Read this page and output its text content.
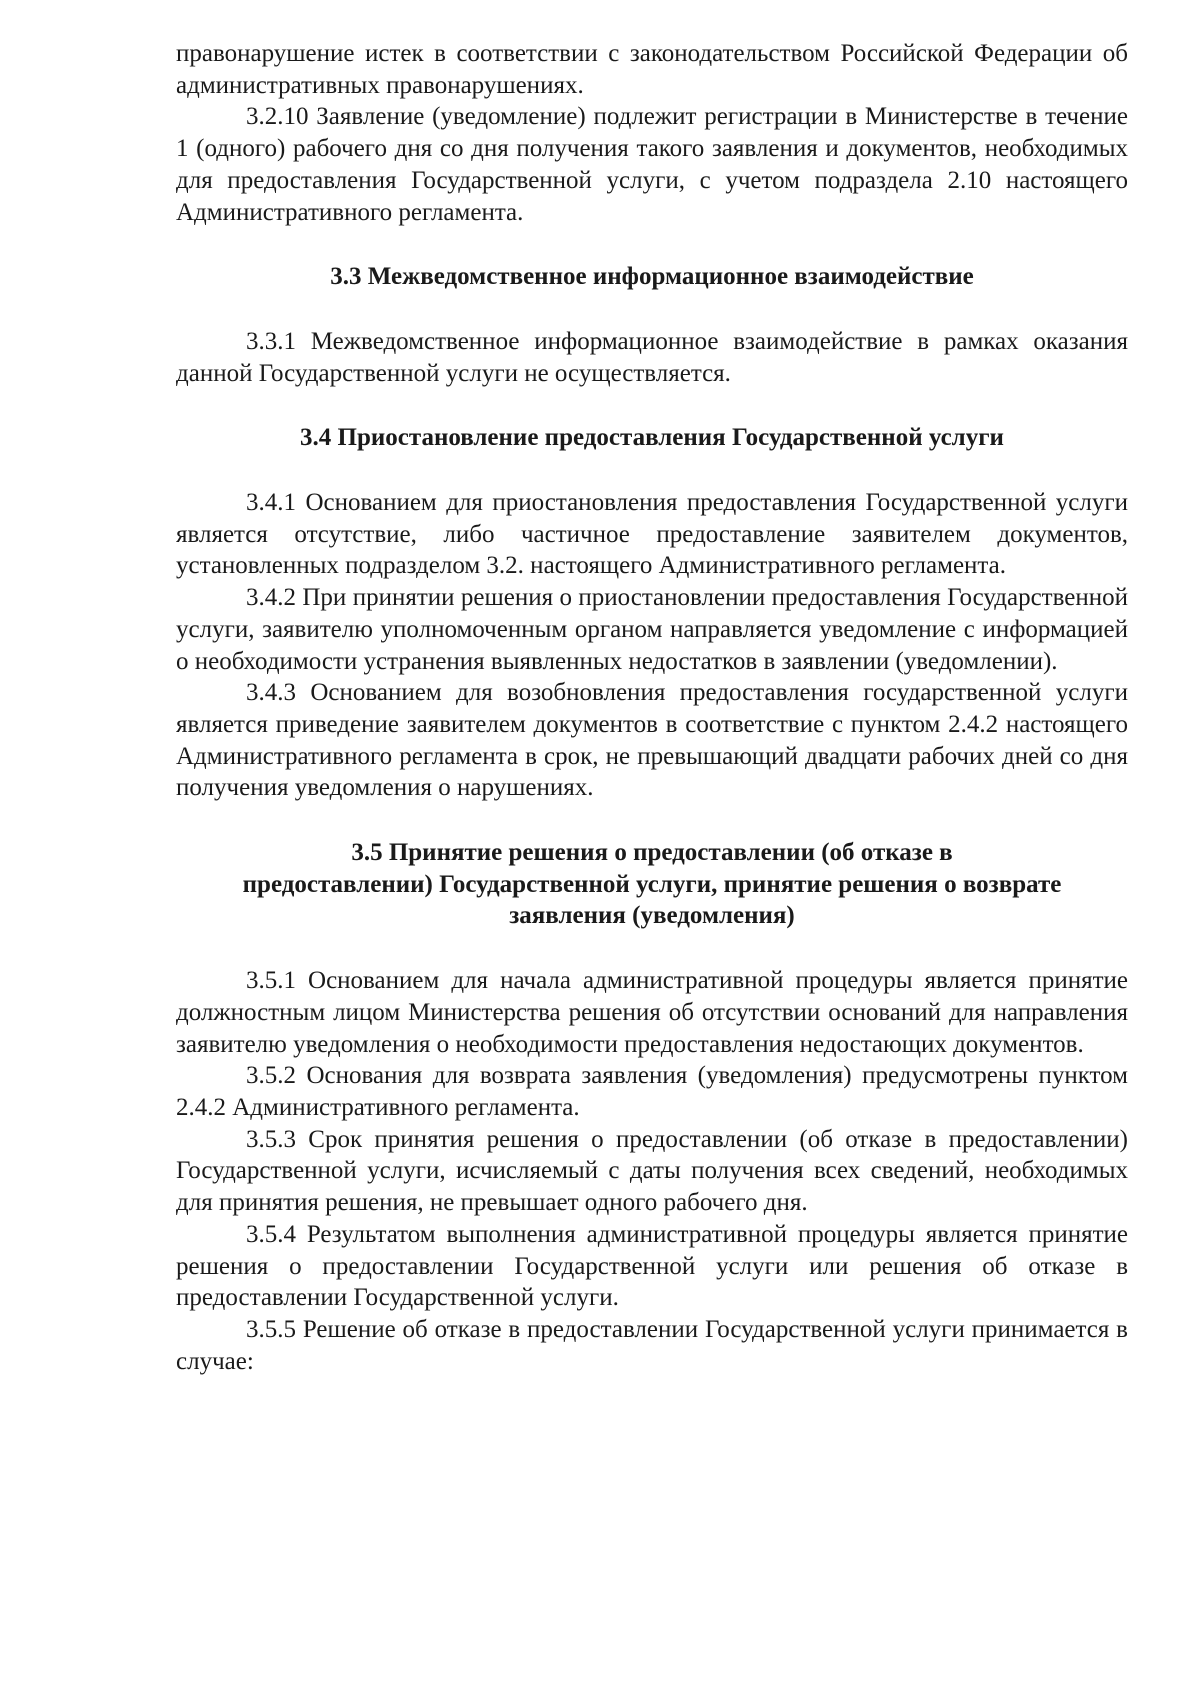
правонарушение истек в соответствии с законодательством Российской Федерации об административных правонарушениях.

3.2.10 Заявление (уведомление) подлежит регистрации в Министерстве в течение 1 (одного) рабочего дня со дня получения такого заявления и документов, необходимых для предоставления Государственной услуги, с учетом подраздела 2.10 настоящего Административного регламента.

3.3 Межведомственное информационное взаимодействие

3.3.1 Межведомственное информационное взаимодействие в рамках оказания данной Государственной услуги не осуществляется.

3.4 Приостановление предоставления Государственной услуги

3.4.1 Основанием для приостановления предоставления Государственной услуги является отсутствие, либо частичное предоставление заявителем документов, установленных подразделом 3.2. настоящего Административного регламента.

3.4.2 При принятии решения о приостановлении предоставления Государственной услуги, заявителю уполномоченным органом направляется уведомление с информацией о необходимости устранения выявленных недостатков в заявлении (уведомлении).

3.4.3 Основанием для возобновления предоставления государственной услуги является приведение заявителем документов в соответствие с пунктом 2.4.2 настоящего Административного регламента в срок, не превышающий двадцати рабочих дней со дня получения уведомления о нарушениях.

3.5 Принятие решения о предоставлении (об отказе в
предоставлении) Государственной услуги, принятие решения о возврате
заявления (уведомления)

3.5.1 Основанием для начала административной процедуры является принятие должностным лицом Министерства решения об отсутствии оснований для направления заявителю уведомления о необходимости предоставления недостающих документов.

3.5.2 Основания для возврата заявления (уведомления) предусмотрены пунктом 2.4.2 Административного регламента.

3.5.3 Срок принятия решения о предоставлении (об отказе в предоставлении) Государственной услуги, исчисляемый с даты получения всех сведений, необходимых для принятия решения, не превышает одного рабочего дня.

3.5.4 Результатом выполнения административной процедуры является принятие решения о предоставлении Государственной услуги или решения об отказе в предоставлении Государственной услуги.

3.5.5 Решение об отказе в предоставлении Государственной услуги принимается в случае:
